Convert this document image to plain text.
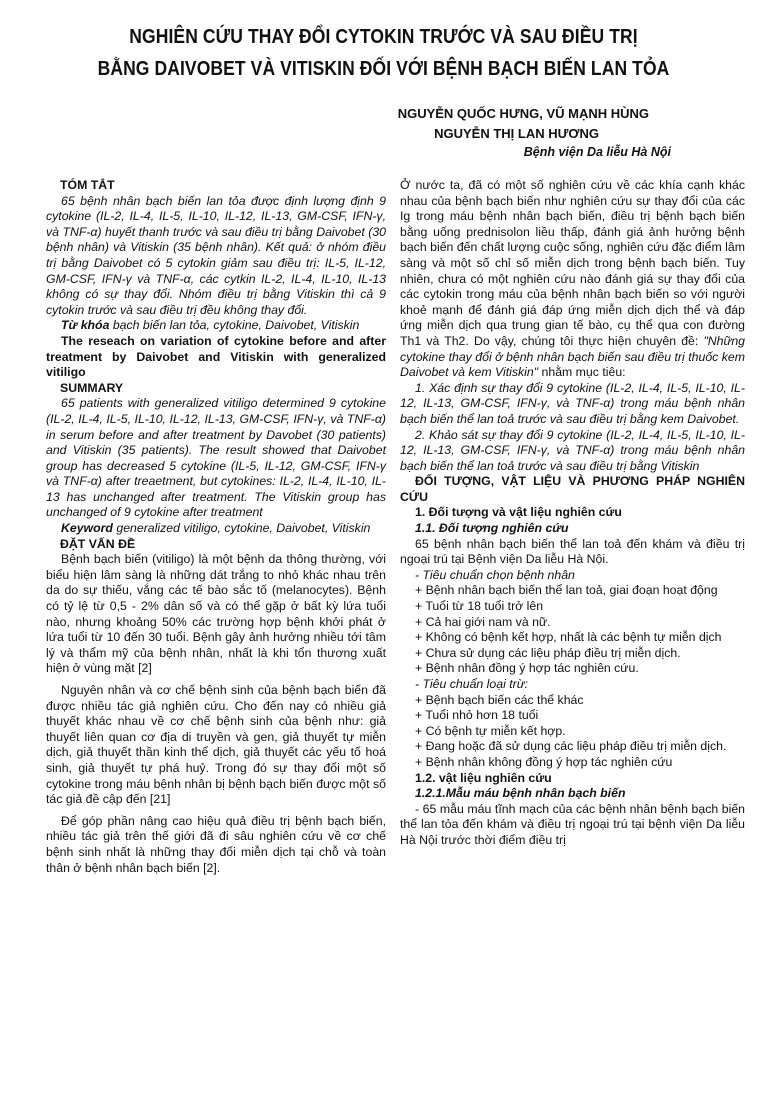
NGHIÊN CỨU THAY ĐỔI CYTOKIN TRƯỚC VÀ SAU ĐIỀU TRỊ
BẰNG DAIVOBET VÀ VITISKIN ĐỐI VỚI BỆNH BẠCH BIẾN LAN TỎA
NGUYỄN QUỐC HƯNG, VŨ MẠNH HÙNG
NGUYỄN THỊ LAN HƯƠNG
Bệnh viện Da liễu Hà Nội

TÓM TẮT

65 bệnh nhân bạch biến lan tỏa được định lượng định 9 cytokine (IL-2, IL-4, IL-5, IL-10, IL-12, IL-13, GM-CSF, IFN-γ, và TNF-α) huyết thanh trước và sau điều trị bằng Daivobet (30 bệnh nhân) và Vitiskin (35 bệnh nhân). Kết quả: ở nhóm điều trị bằng Daivobet có 5 cytokin giảm sau điều trị: IL-5, IL-12, GM-CSF, IFN-γ và TNF-α, các cytkin IL-2, IL-4, IL-10, IL-13 không có sự thay đổi. Nhóm điều trị bằng Vitiskin thì cả 9 cytokin trước và sau điều trị đều không thay đổi.

Từ khóa bạch biến lan tỏa, cytokine, Daivobet, Vitiskin

The reseach on variation of cytokine before and after treatment by Daivobet and Vitiskin with generalized vitiligo

SUMMARY

65 patients with generalized vitiligo determined 9 cytokine (IL-2, IL-4, IL-5, IL-10, IL-12, IL-13, GM-CSF, IFN-γ, và TNF-α) in serum before and after treatment by Davobet (30 patients) and Vitiskin (35 patients). The result showed that Daivobet group has decreased 5 cytokine (IL-5, IL-12, GM-CSF, IFN-γ và TNF-α) after treaetment, but cytokines: IL-2, IL-4, IL-10, IL-13 has unchanged after treatment. The Vitiskin group has unchanged of 9 cytokine after treatment

Keyword generalized vitiligo, cytokine, Daivobet, Vitiskin

ĐẶT VẤN ĐỀ

Bệnh bạch biến (vitiligo) là một bệnh da thông thường, với biểu hiện lâm sàng là những dát trắng to nhỏ khác nhau trên da do sự thiếu, vắng các tế bào sắc tố (melanocytes). Bệnh có tỷ lệ từ 0,5 - 2% dân số và có thể gặp ở bất kỳ lứa tuổi nào, nhưng khoảng 50% các trường hợp bệnh khởi phát ở lứa tuổi từ 10 đến 30 tuổi. Bệnh gây ảnh hưởng nhiều tới tâm lý và thẩm mỹ của bệnh nhân, nhất là khi tổn thương xuất hiện ở vùng mặt [2]

Nguyên nhân và cơ chế bệnh sinh của bệnh bạch biến đã được nhiều tác giả nghiên cứu. Cho đến nay có nhiều giả thuyết khác nhau về cơ chế bệnh sinh của bệnh như: giả thuyết liên quan cơ địa di truyền và gen, giả thuyết tự miễn dịch, giả thuyết thần kinh thể dịch, giả thuyết các yếu tố hoá sinh, giả thuyết tự phá huỷ. Trong đó sự thay đổi một số cytokine trong máu bệnh nhân bị bệnh bạch biến được một số tác giả đề cập đến [21]

Để góp phần nâng cao hiệu quả điều trị bệnh bạch biến, nhiều tác giả trên thế giới đã đi sâu nghiên cứu về cơ chế bệnh sinh nhất là những thay đổi miễn dịch tại chỗ và toàn thân ở bệnh nhân bạch biến [2].

Ở nước ta, đã có một số nghiên cứu về các khía cạnh khác nhau của bệnh bạch biến như nghiên cứu sự thay đổi của các Ig trong máu bệnh nhân bạch biến, điều trị bệnh bạch biến bằng uống prednisolon liều thấp, đánh giá ảnh hưởng bệnh bạch biến đến chất lượng cuộc sống, nghiên cứu đặc điểm lâm sàng và một số chỉ số miễn dịch trong bệnh bạch biến. Tuy nhiên, chưa có một nghiên cứu nào đánh giá sự thay đổi của các cytokin trong máu của bệnh nhân bạch biến so với người khoẻ mạnh để đánh giá đáp ứng miễn dịch dịch thể và đáp ứng miễn dịch qua trung gian tế bào, cụ thể qua con đường Th1 và Th2. Do vậy, chúng tôi thực hiện chuyên đề: "Những cytokine thay đổi ở bệnh nhân bạch biến sau điều trị thuốc kem Daivobet và kem Vitiskin" nhằm mục tiêu:

1. Xác định sự thay đổi 9 cytokine (IL-2, IL-4, IL-5, IL-10, IL-12, IL-13, GM-CSF, IFN-γ, và TNF-α) trong máu bệnh nhân bạch biến thể lan toả trước và sau điều trị bằng kem Daivobet.

2. Khảo sát sự thay đổi 9 cytokine (IL-2, IL-4, IL-5, IL-10, IL-12, IL-13, GM-CSF, IFN-γ, và TNF-α) trong máu bệnh nhân bạch biến thể lan toả trước và sau điều trị bằng Vitiskin

ĐỐI TƯỢNG, VẬT LIỆU VÀ PHƯƠNG PHÁP NGHIÊN CỨU

1. Đối tượng và vật liệu nghiên cứu

1.1. Đối tượng nghiên cứu

65 bệnh nhân bạch biến thể lan toả đến khám và điều trị ngoại trú tại Bệnh viện Da liễu Hà Nội.

- Tiêu chuẩn chọn bệnh nhân

+ Bệnh nhân bạch biến thể lan toả, giai đoạn hoạt động

+ Tuổi từ 18 tuổi trở lên

+ Cả hai giới nam và nữ.

+ Không có bệnh kết hợp, nhất là các bệnh tự miễn dịch

+ Chưa sử dụng các liệu pháp điều trị miễn dịch.

+ Bệnh nhân đồng ý hợp tác nghiên cứu.

- Tiêu chuẩn loại trừ:

+ Bệnh bạch biến các thể khác

+ Tuổi nhỏ hơn 18 tuổi

+ Có bệnh tự miễn kết hợp.

+ Đang hoặc đã sử dụng các liệu pháp điều trị miễn dịch.

+ Bệnh nhân không đồng ý hợp tác nghiên cứu

1.2. vật liệu nghiên cứu

1.2.1.Mẫu máu bệnh nhân bạch biến

- 65 mẫu máu tĩnh mạch của các bệnh nhân bệnh bạch biến thể lan tỏa đến khám và điều trị ngoại trú tại bệnh viện Da liễu Hà Nội trước thời điểm điều trị
